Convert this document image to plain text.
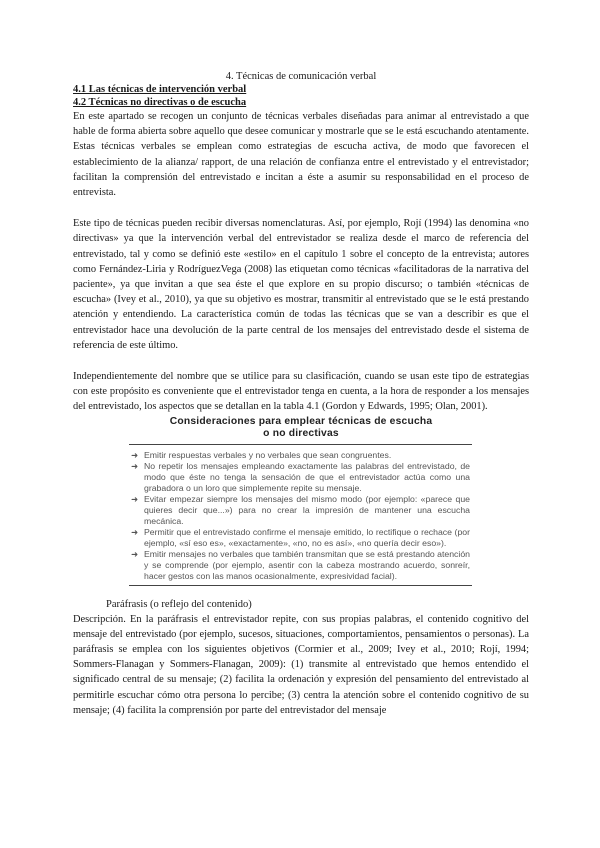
4. Técnicas de comunicación verbal

4.1 Las técnicas de intervención verbal

4.2 Técnicas no directivas o de escucha

En este apartado se recogen un conjunto de técnicas verbales diseñadas para animar al entrevistado a que hable de forma abierta sobre aquello que desee comunicar y mostrarle que se le está escuchando atentamente. Estas técnicas verbales se emplean como estrategias de escucha activa, de modo que favorecen el establecimiento de la alianza/ rapport, de una relación de confianza entre el entrevistado y el entrevistador; facilitan la comprensión del entrevistado e incitan a éste a asumir su responsabilidad en el proceso de entrevista.

Este tipo de técnicas pueden recibir diversas nomenclaturas. Así, por ejemplo, Rojí (1994) las denomina «no directivas» ya que la intervención verbal del entrevistador se realiza desde el marco de referencia del entrevistado, tal y como se definió este «estilo» en el capítulo 1 sobre el concepto de la entrevista; autores como Fernández-Liria y RodríguezVega (2008) las etiquetan como técnicas «facilitadoras de la narrativa del paciente», ya que invitan a que sea éste el que explore en su propio discurso; o también «técnicas de escucha» (Ivey et al., 2010), ya que su objetivo es mostrar, transmitir al entrevistado que se le está prestando atención y entendiendo. La característica común de todas las técnicas que se van a describir es que el entrevistador hace una devolución de la parte central de los mensajes del entrevistado desde el sistema de referencia de este último.

Independientemente del nombre que se utilice para su clasificación, cuando se usan este tipo de estrategias con este propósito es conveniente que el entrevistador tenga en cuenta, a la hora de responder a los mensajes del entrevistado, los aspectos que se detallan en la tabla 4.1 (Gordon y Edwards, 1995; Olan, 2001).

Consideraciones para emplear técnicas de escucha
o no directivas
➜ Emitir respuestas verbales y no verbales que sean congruentes.
➜ No repetir los mensajes empleando exactamente las palabras del entrevistado, de modo que éste no tenga la sensación de que el entrevistador actúa como una grabadora o un loro que simplemente repite su mensaje.
➜ Evitar empezar siempre los mensajes del mismo modo (por ejemplo: «parece que quieres decir que...») para no crear la impresión de mantener una escucha mecánica.
➜ Permitir que el entrevistado confirme el mensaje emitido, lo rectifique o rechace (por ejemplo, «sí eso es», «exactamente», «no, no es así», «no quería decir eso»).
➜ Emitir mensajes no verbales que también transmitan que se está prestando atención y se comprende (por ejemplo, asentir con la cabeza mostrando acuerdo, sonreír, hacer gestos con las manos ocasionalmente, expresividad facial).

Paráfrasis (o reflejo del contenido)

Descripción. En la paráfrasis el entrevistador repite, con sus propias palabras, el contenido cognitivo del mensaje del entrevistado (por ejemplo, sucesos, situaciones, comportamientos, pensamientos o personas). La paráfrasis se emplea con los siguientes objetivos (Cormier et al., 2009; Ivey et al., 2010; Rojí, 1994; Sommers-Flanagan y Sommers-Flanagan, 2009): (1) transmite al entrevistado que hemos entendido el significado central de su mensaje; (2) facilita la ordenación y expresión del pensamiento del entrevistado al permitirle escuchar cómo otra persona lo percibe; (3) centra la atención sobre el contenido cognitivo de su mensaje; (4) facilita la comprensión por parte del entrevistador del mensaje
